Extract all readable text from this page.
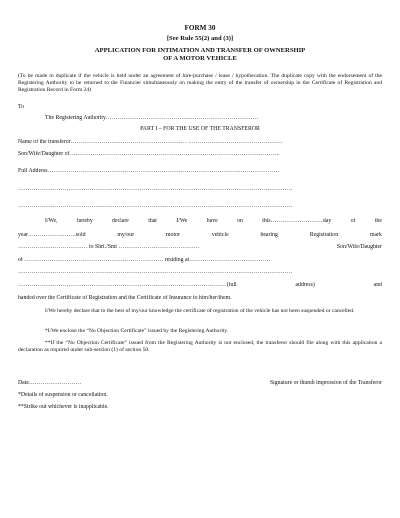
FORM 30
[See Rule 55(2) and (3)]
APPLICATION FOR INTIMATION AND TRANSFER OF OWNERSHIP
OF A MOTOR VEHICLE
(To be made in duplicate if the vehicle is held under an agreement of hire-purchase / lease / hypothecation. The duplicate copy with the endorsement of the Registering Authority to be returned to the Financier simultaneously on making the entry of the transfer of ownership in the Certificate of Registration and Registration Record in Form 24)
To
The Registering Authority…………………………………………………………………….
PART I – FOR THE USE OF THE TRANSFEROR
Name of the transferor…………………………………………………… ………………………………………….
Son/Wife/Daughter of……………………………………………………………………………………………….
Full Address…………………………………………………………………………………………………………
…………………………………………………………………………………………………………………………….
…………………………………………………………………………………………………………………………….
I/We,	hereby	declare	that	I/We	have	on	this………………………day	of	the
year…………………….sold	my/our	motor	vehicle	bearing	Registration	mark
……………………………… to Shri./Smt ……………………………………	Son/Wife/Daughter
of ……………………………………………………………… residing at……………………………………
…………………………………………………………………………………………………………………………….
………………………………………………………………………………………………(full	address)	and
handed over the Certificate of Registration and the Certificate of Insurance to him/her/them.
I/We hereby declare that to the best of my/our knowledge the certificate of registration of the vehicle has not been suspended or cancelled.
*I/We enclose the “No Objection Certificate” issued by the Registering Authority.
**If the “No Objection Certificate” issued from the Registering Authority is not enclosed, the transferor should file along with this application a declaration as required under sub-section (1) of section 50.
Date………………………	Signature or thumb impression of the Transferor
*Details of suspension or cancellation.
**Strike out whichever is inapplicable.
